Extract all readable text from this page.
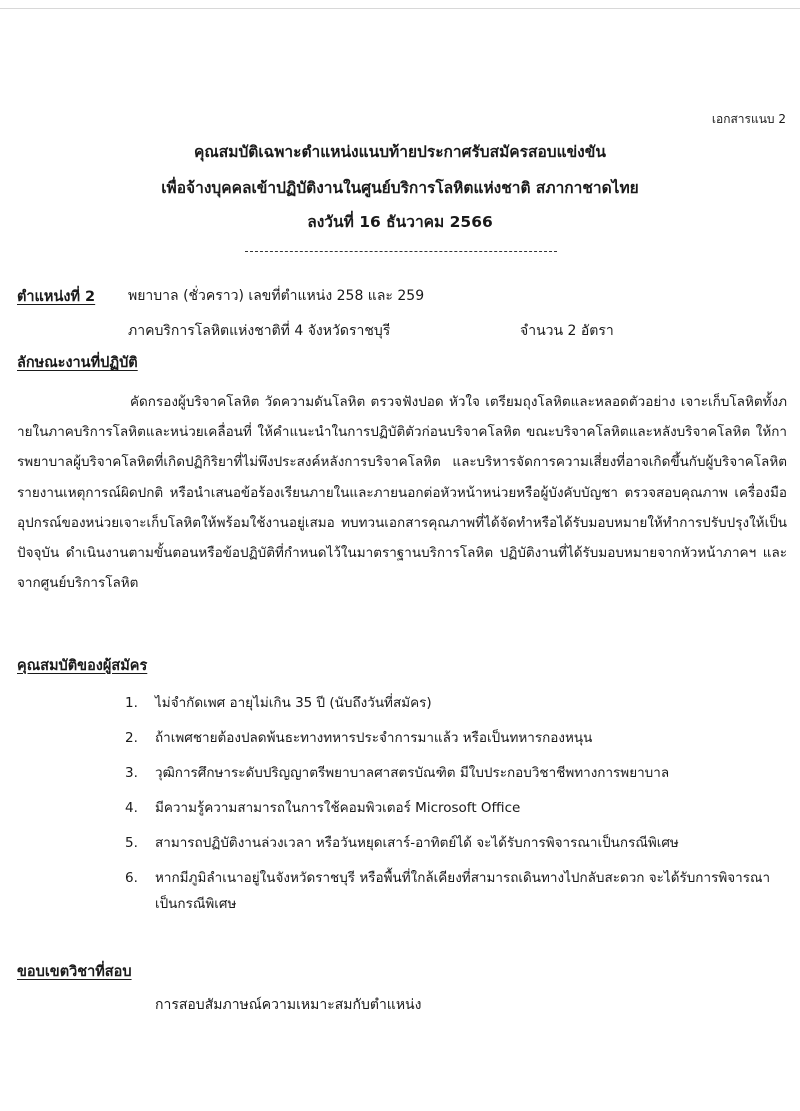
เอกสารแนบ 2
คุณสมบัติเฉพาะตำแหน่งแนบท้ายประกาศรับสมัครสอบแข่งขัน
เพื่อจ้างบุคคลเข้าปฏิบัติงานในศูนย์บริการโลหิตแห่งชาติ สภากาชาดไทย
ลงวันที่ 16 ธันวาคม 2566
ตำแหน่งที่ 2 พยาบาล (ชั่วคราว) เลขที่ตำแหน่ง 258 และ 259
ภาคบริการโลหิตแห่งชาติที่ 4 จังหวัดราชบุรี	จำนวน 2 อัตรา
ลักษณะงานที่ปฏิบัติ
คัดกรองผู้บริจาคโลหิต วัดความดันโลหิต ตรวจฟังปอด หัวใจ เตรียมถุงโลหิตและหลอดตัวอย่าง เจาะเก็บโลหิตทั้งภายในภาคบริการโลหิตและหน่วยเคลื่อนที่ ให้คำแนะนำในการปฏิบัติตัวก่อนบริจาคโลหิต ขณะบริจาคโลหิตและหลังบริจาคโลหิต ให้การพยาบาลผู้บริจาคโลหิตที่เกิดปฏิกิริยาที่ไม่พึงประสงค์หลังการบริจาคโลหิต และบริหารจัดการความเสี่ยงที่อาจเกิดขึ้นกับผู้บริจาคโลหิต รายงานเหตุการณ์ผิดปกติ หรือนำเสนอข้อร้องเรียนภายในและภายนอกต่อหัวหน้าหน่วยหรือผู้บังคับบัญชา ตรวจสอบคุณภาพ เครื่องมือ อุปกรณ์ของหน่วยเจาะเก็บโลหิตให้พร้อมใช้งานอยู่เสมอ ทบทวนเอกสารคุณภาพที่ได้จัดทำหรือได้รับมอบหมายให้ทำการปรับปรุงให้เป็นปัจจุบัน ดำเนินงานตามขั้นตอนหรือข้อปฏิบัติที่กำหนดไว้ในมาตราฐานบริการโลหิต ปฏิบัติงานที่ได้รับมอบหมายจากหัวหน้าภาคฯ และจากศูนย์บริการโลหิต
คุณสมบัติของผู้สมัคร
1. ไม่จำกัดเพศ อายุไม่เกิน 35 ปี (นับถึงวันที่สมัคร)
2. ถ้าเพศชายต้องปลดพ้นธะทางทหารประจำการมาแล้ว หรือเป็นทหารกองหนุน
3. วุฒิการศึกษาระดับปริญญาตรีพยาบาลศาสตรบัณฑิต มีใบประกอบวิชาชีพทางการพยาบาล
4. มีความรู้ความสามารถในการใช้คอมพิวเตอร์ Microsoft Office
5. สามารถปฏิบัติงานล่วงเวลา หรือวันหยุดเสาร์-อาทิตย์ได้ จะได้รับการพิจารณาเป็นกรณีพิเศษ
6. หากมีภูมิลำเนาอยู่ในจังหวัดราชบุรี หรือพื้นที่ใกล้เคียงที่สามารถเดินทางไปกลับสะดวก จะได้รับการพิจารณาเป็นกรณีพิเศษ
ขอบเขตวิชาที่สอบ
การสอบสัมภาษณ์ความเหมาะสมกับตำแหน่ง
